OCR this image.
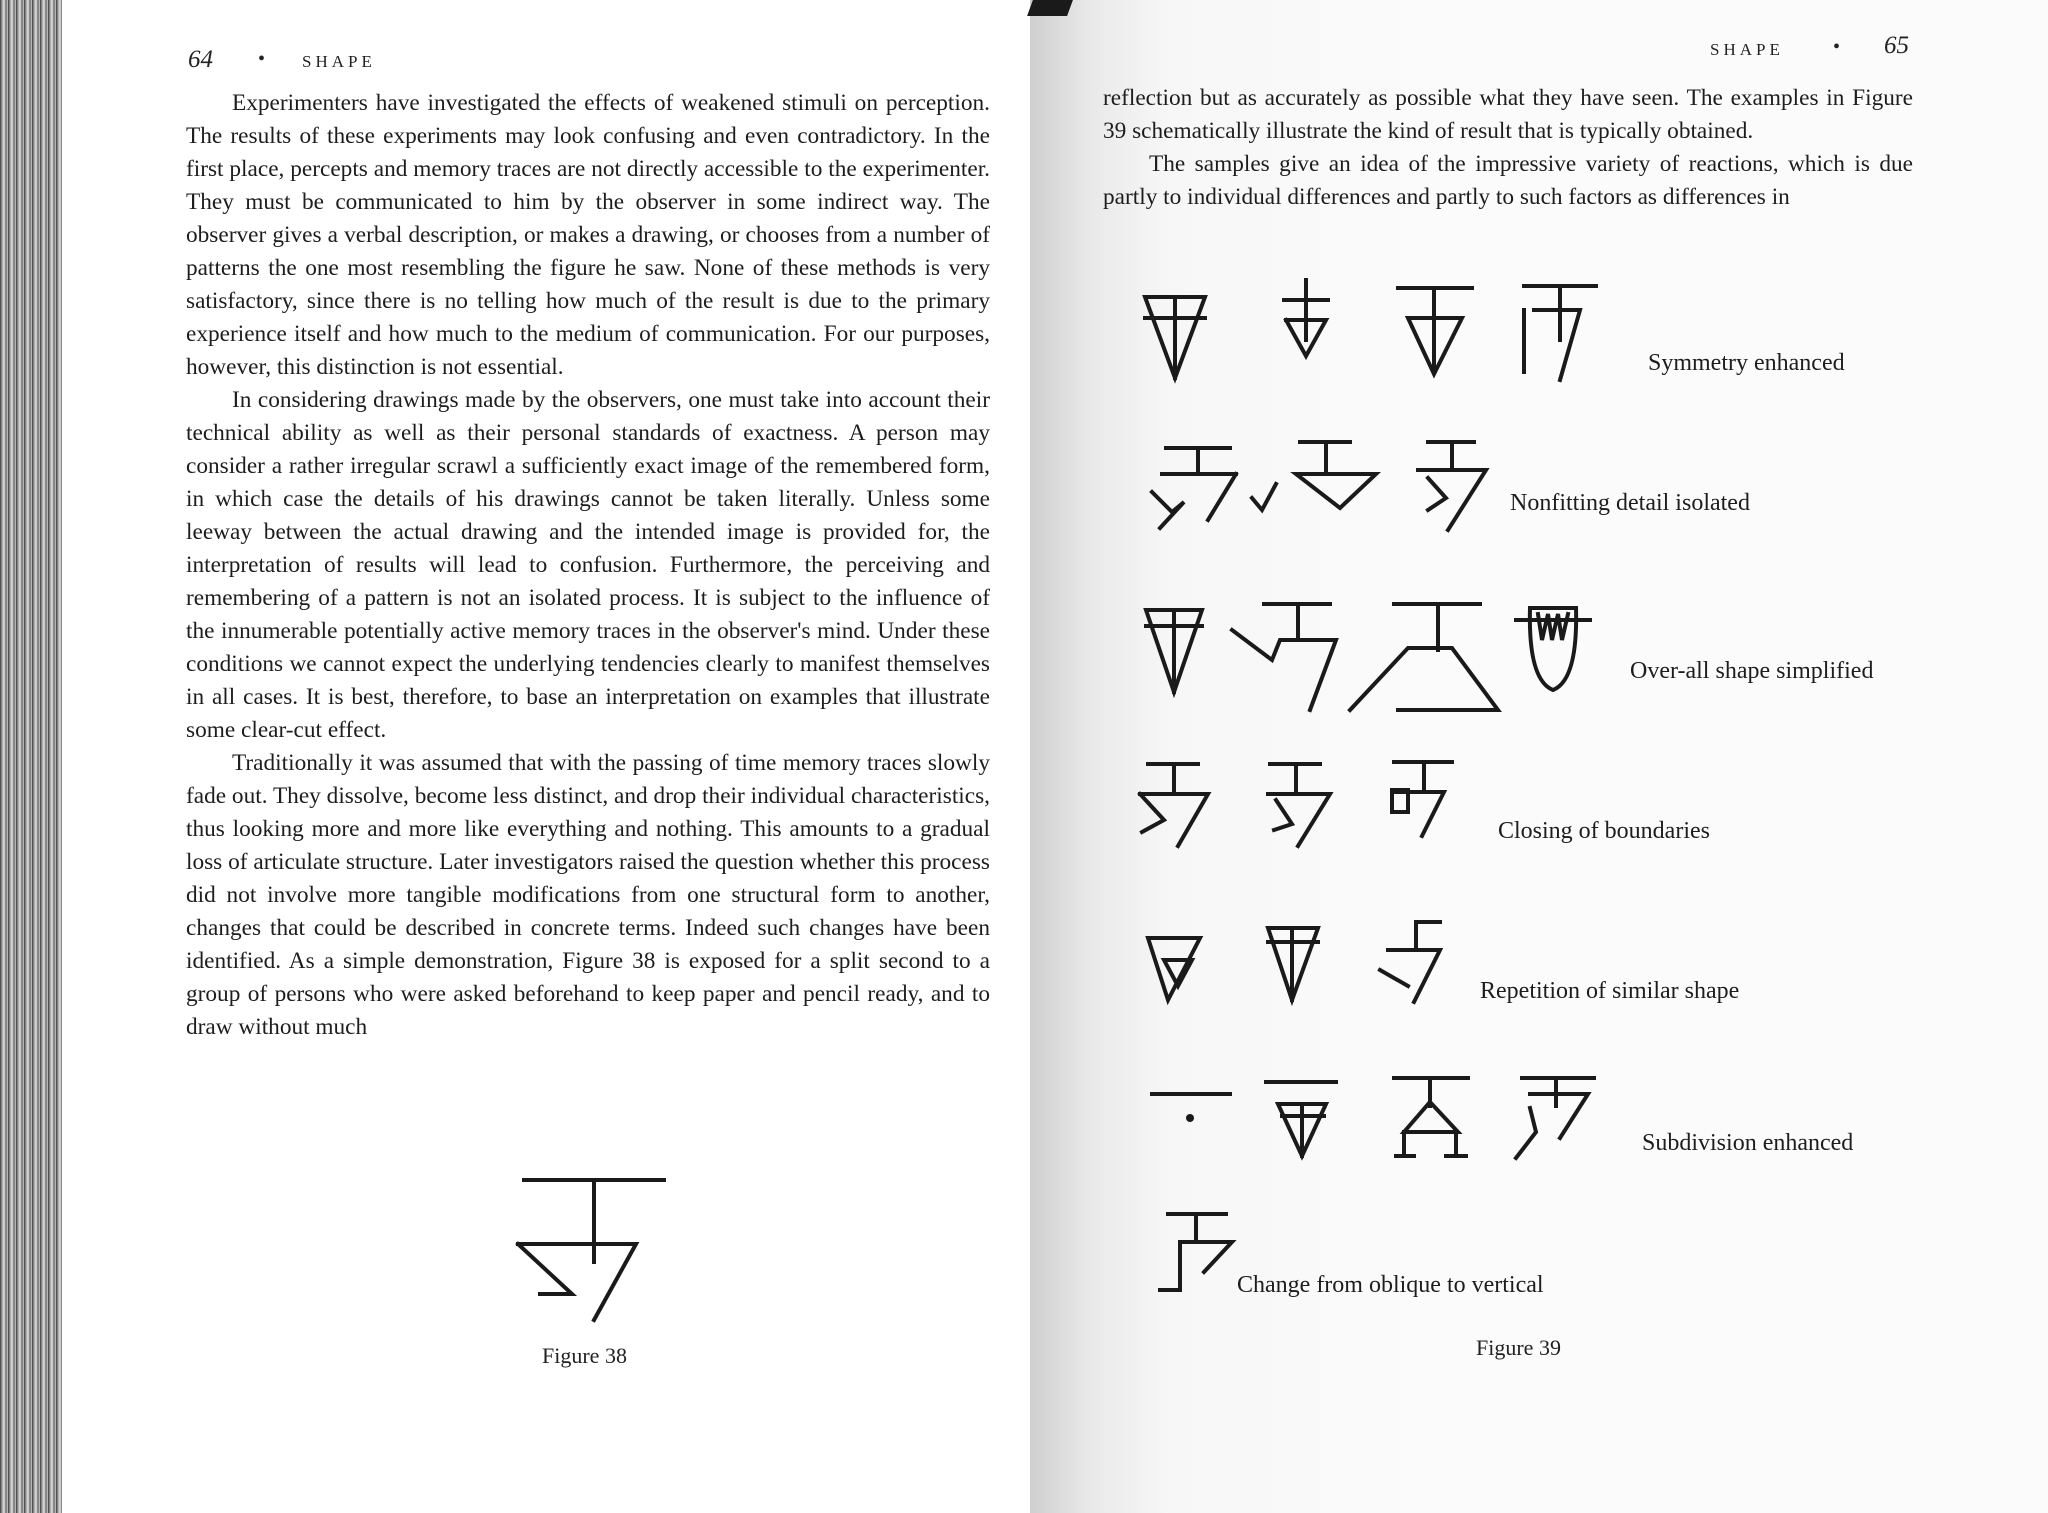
64 • SHAPE

Experimenters have investigated the effects of weakened stimuli on perception. The results of these experiments may look confusing and even contradictory. In the first place, percepts and memory traces are not directly accessible to the experimenter. They must be communicated to him by the observer in some indirect way. The observer gives a verbal description, or makes a drawing, or chooses from a number of patterns the one most resembling the figure he saw. None of these methods is very satisfactory, since there is no telling how much of the result is due to the primary experience itself and how much to the medium of communication. For our purposes, however, this distinction is not essential.

In considering drawings made by the observers, one must take into account their technical ability as well as their personal standards of exactness. A person may consider a rather irregular scrawl a sufficiently exact image of the remembered form, in which case the details of his drawings cannot be taken literally. Unless some leeway between the actual drawing and the intended image is provided for, the interpretation of results will lead to confusion. Furthermore, the perceiving and remembering of a pattern is not an isolated process. It is subject to the influence of the innumerable potentially active memory traces in the observer's mind. Under these conditions we cannot expect the underlying tendencies clearly to manifest themselves in all cases. It is best, therefore, to base an interpretation on examples that illustrate some clear-cut effect.

Traditionally it was assumed that with the passing of time memory traces slowly fade out. They dissolve, become less distinct, and drop their individual characteristics, thus looking more and more like everything and nothing. This amounts to a gradual loss of articulate structure. Later investigators raised the question whether this process did not involve more tangible modifications from one structural form to another, changes that could be described in concrete terms. Indeed such changes have been identified. As a simple demonstration, Figure 38 is exposed for a split second to a group of persons who were asked beforehand to keep paper and pencil ready, and to draw without much

Figure 38
SHAPE • 65

reflection but as accurately as possible what they have seen. The examples in Figure 39 schematically illustrate the kind of result that is typically obtained.

The samples give an idea of the impressive variety of reactions, which is due partly to individual differences and partly to such factors as differences in

Symmetry enhanced
Nonfitting detail isolated
Over-all shape simplified
Closing of boundaries
Repetition of similar shape
Subdivision enhanced
Change from oblique to vertical
Figure 39
